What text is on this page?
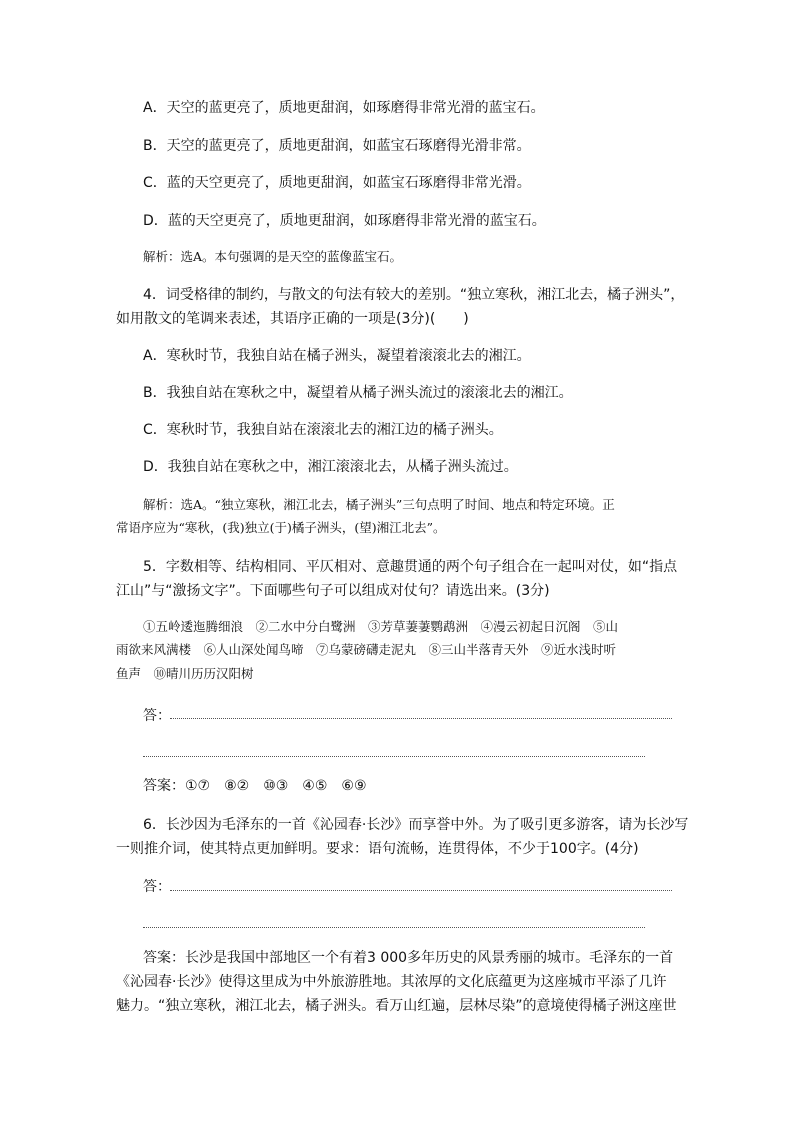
A．天空的蓝更亮了，质地更甜润，如琢磨得非常光滑的蓝宝石。
B．天空的蓝更亮了，质地更甜润，如蓝宝石琢磨得光滑非常。
C．蓝的天空更亮了，质地更甜润，如蓝宝石琢磨得非常光滑。
D．蓝的天空更亮了，质地更甜润，如琢磨得非常光滑的蓝宝石。
解析：选A。本句强调的是天空的蓝像蓝宝石。
4．词受格律的制约，与散文的句法有较大的差别。“独立寒秋，湘江北去，橘子洲头”，
如用散文的笔调来表述，其语序正确的一项是(3分)(　　)
A．寒秋时节，我独自站在橘子洲头，凝望着滚滚北去的湘江。
B．我独自站在寒秋之中，凝望着从橘子洲头流过的滚滚北去的湘江。
C．寒秋时节，我独自站在滚滚北去的湘江边的橘子洲头。
D．我独自站在寒秋之中，湘江滚滚北去，从橘子洲头流过。
解析：选A。“独立寒秋，湘江北去，橘子洲头”三句点明了时间、地点和特定环境。正
常语序应为“寒秋，(我)独立(于)橘子洲头，(望)湘江北去”。
5．字数相等、结构相同、平仄相对、意趣贯通的两个句子组合在一起叫对仗，如“指点
江山”与“激扬文字”。下面哪些句子可以组成对仗句？请选出来。(3分)
①五岭逶迤腾细浪　②二水中分白鹭洲　③芳草萋萋鹦鹉洲　④漫云初起日沉阁　⑤山
雨欲来风满楼　⑥人山深处闻鸟啼　⑦乌蒙磅礴走泥丸　⑧三山半落青天外　⑨近水浅时听
鱼声　⑩晴川历历汉阳树
答：
答案：①⑦　⑧②　⑩③　④⑤　⑥⑨
6．长沙因为毛泽东的一首《沁园春·长沙》而享誉中外。为了吸引更多游客，请为长沙写
一则推介词，使其特点更加鲜明。要求：语句流畅，连贯得体，不少于100字。(4分)
答：
答案：长沙是我国中部地区一个有着3 000多年历史的风景秀丽的城市。毛泽东的一首
《沁园春·长沙》使得这里成为中外旅游胜地。其浓厚的文化底蕴更为这座城市平添了几许
魅力。“独立寒秋，湘江北去，橘子洲头。看万山红遍，层林尽染”的意境使得橘子洲这座世
